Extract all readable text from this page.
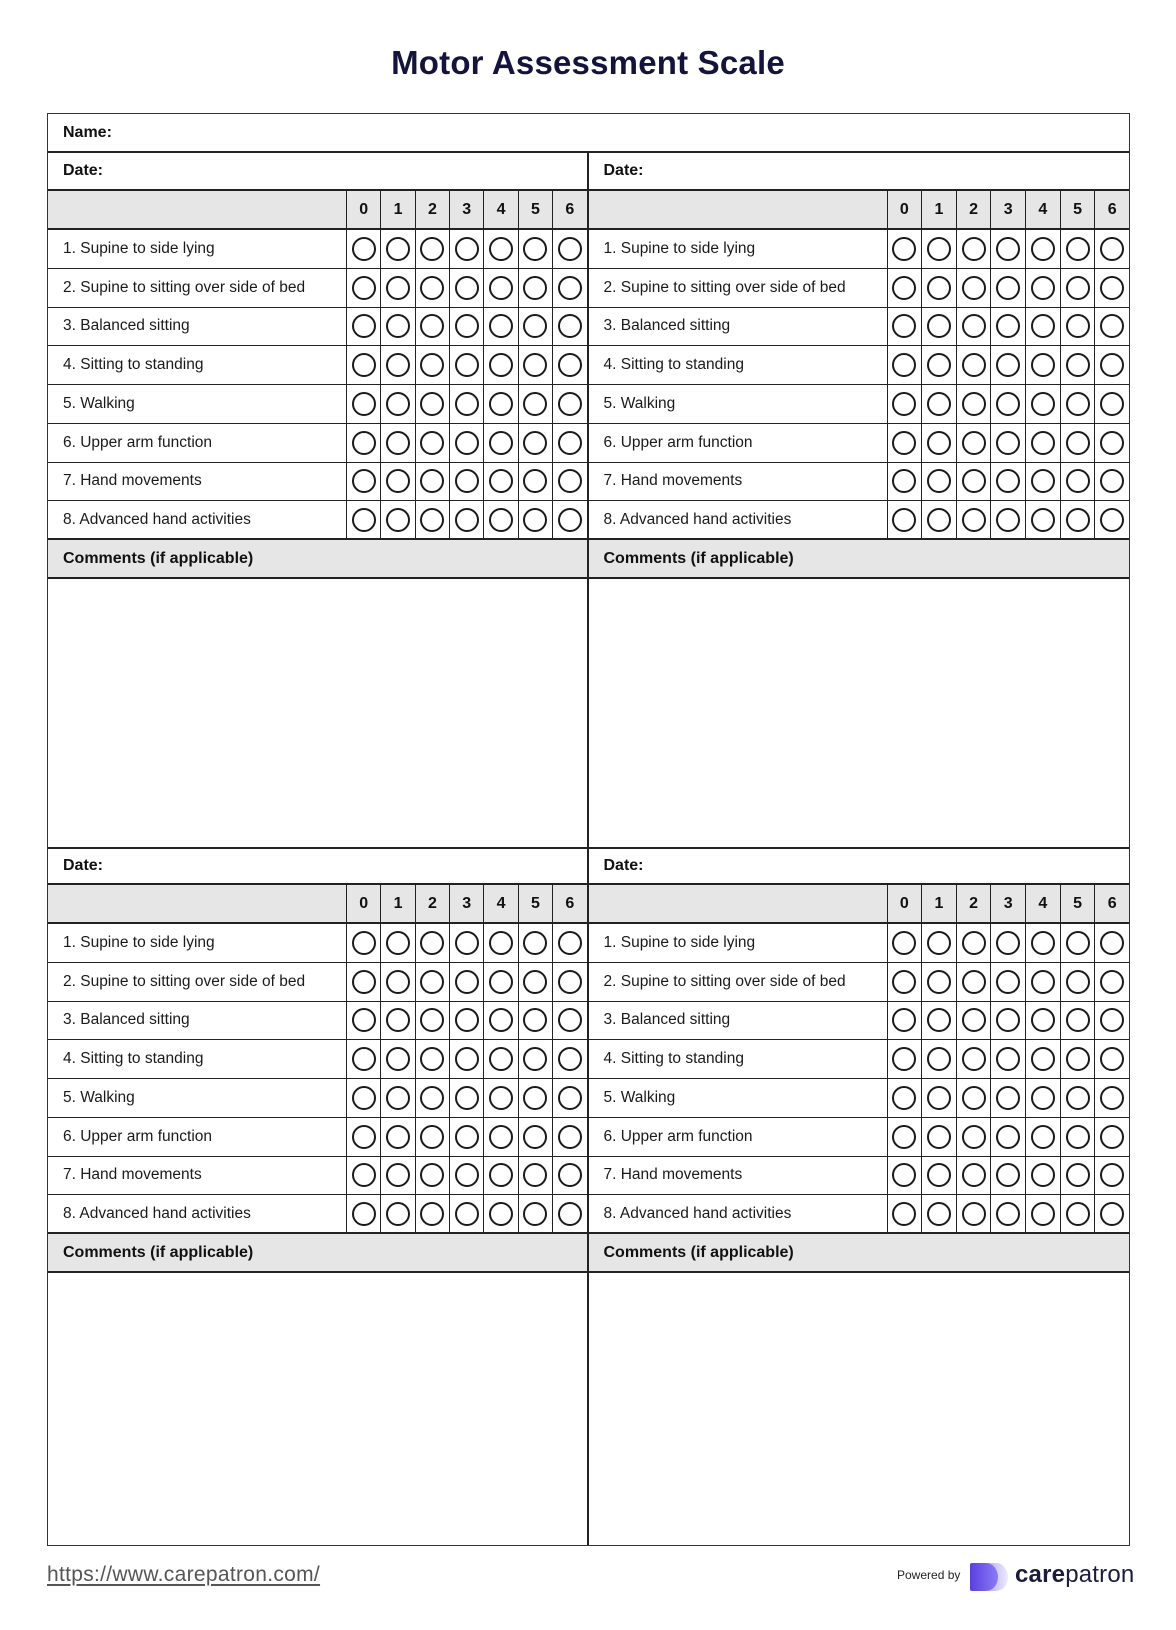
Motor Assessment Scale
Name:
Date:
0	1	2	3	4	5	6
1. Supine to side lying
2. Supine to sitting over side of bed
3. Balanced sitting
4. Sitting to standing
5. Walking
6. Upper arm function
7. Hand movements
8. Advanced hand activities
Comments (if applicable)
Date:
0	1	2	3	4	5	6
1. Supine to side lying
2. Supine to sitting over side of bed
3. Balanced sitting
4. Sitting to standing
5. Walking
6. Upper arm function
7. Hand movements
8. Advanced hand activities
Comments (if applicable)
Date:
0	1	2	3	4	5	6
1. Supine to side lying
2. Supine to sitting over side of bed
3. Balanced sitting
4. Sitting to standing
5. Walking
6. Upper arm function
7. Hand movements
8. Advanced hand activities
Comments (if applicable)
Date:
0	1	2	3	4	5	6
1. Supine to side lying
2. Supine to sitting over side of bed
3. Balanced sitting
4. Sitting to standing
5. Walking
6. Upper arm function
7. Hand movements
8. Advanced hand activities
Comments (if applicable)
https://www.carepatron.com/	Powered by carepatron
